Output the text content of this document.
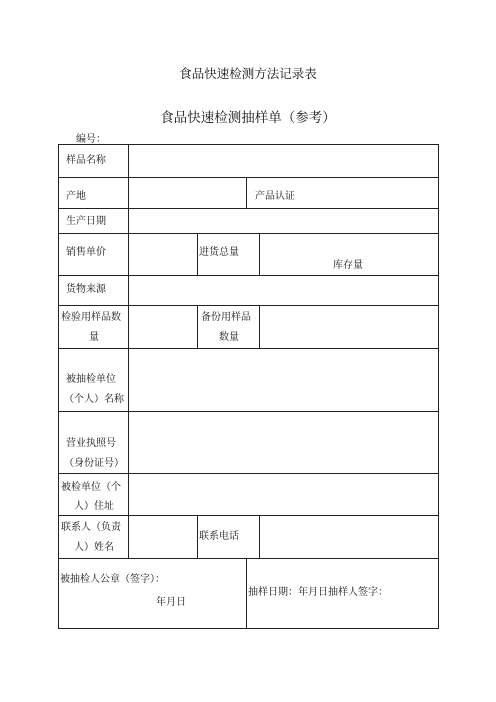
食品快速检测方法记录表
食品快速检测抽样单（参考）
编号：
样品名称
产地	产品认证
生产日期
销售单价	进货总量
库存量
货物来源
检验用样品数
量
备份用样品
数量
被抽检单位
（个人）名称
营业执照号
（身份证号）
被检单位（个
人）住址
联系人（负责
人）姓名
联系电话
被抽检人公章（签字）：
年月日
抽样日期：年月日抽样人签字：
